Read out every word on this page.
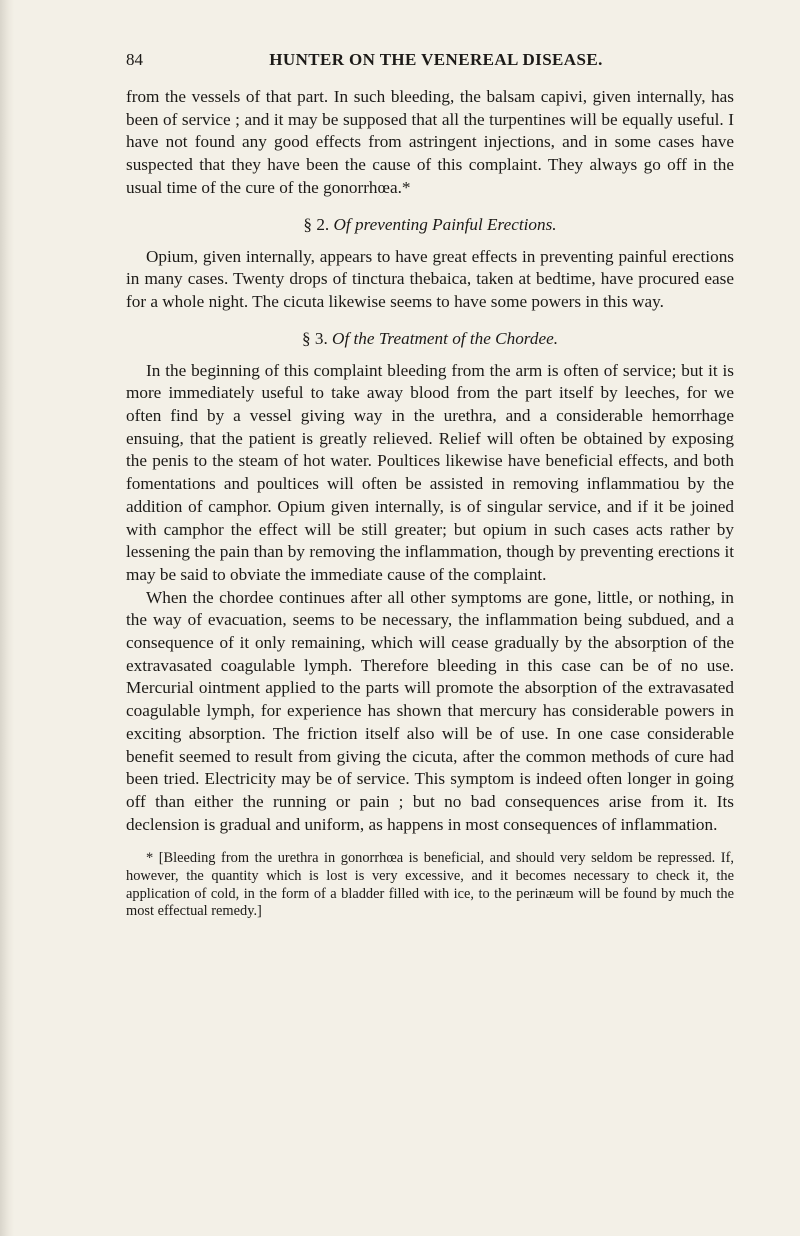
84	HUNTER ON THE VENEREAL DISEASE.

from the vessels of that part. In such bleeding, the balsam capivi, given internally, has been of service ; and it may be supposed that all the turpentines will be equally useful. I have not found any good effects from astringent injections, and in some cases have suspected that they have been the cause of this complaint. They always go off in the usual time of the cure of the gonorrhœa.*

§ 2. Of preventing Painful Erections.

Opium, given internally, appears to have great effects in preventing painful erections in many cases. Twenty drops of tinctura thebaica, taken at bedtime, have procured ease for a whole night. The cicuta likewise seems to have some powers in this way.

§ 3. Of the Treatment of the Chordee.

In the beginning of this complaint bleeding from the arm is often of service; but it is more immediately useful to take away blood from the part itself by leeches, for we often find by a vessel giving way in the urethra, and a considerable hemorrhage ensuing, that the patient is greatly relieved. Relief will often be obtained by exposing the penis to the steam of hot water. Poultices likewise have beneficial effects, and both fomentations and poultices will often be assisted in removing inflammatiou by the addition of camphor. Opium given internally, is of singular service, and if it be joined with camphor the effect will be still greater; but opium in such cases acts rather by lessening the pain than by removing the inflammation, though by preventing erections it may be said to obviate the immediate cause of the complaint.

When the chordee continues after all other symptoms are gone, little, or nothing, in the way of evacuation, seems to be necessary, the inflammation being subdued, and a consequence of it only remaining, which will cease gradually by the absorption of the extravasated coagulable lymph. Therefore bleeding in this case can be of no use. Mercurial ointment applied to the parts will promote the absorption of the extravasated coagulable lymph, for experience has shown that mercury has considerable powers in exciting absorption. The friction itself also will be of use. In one case considerable benefit seemed to result from giving the cicuta, after the common methods of cure had been tried. Electricity may be of service. This symptom is indeed often longer in going off than either the running or pain ; but no bad consequences arise from it. Its declension is gradual and uniform, as happens in most consequences of inflammation.

* [Bleeding from the urethra in gonorrhœa is beneficial, and should very seldom be repressed. If, however, the quantity which is lost is very excessive, and it becomes necessary to check it, the application of cold, in the form of a bladder filled with ice, to the perinæum will be found by much the most effectual remedy.]
